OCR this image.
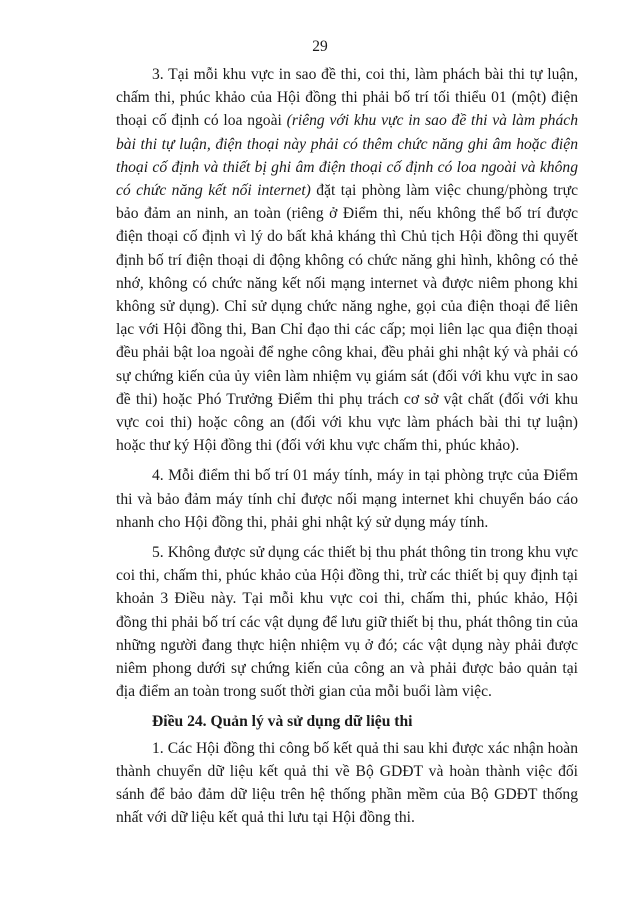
29

3. Tại mỗi khu vực in sao đề thi, coi thi, làm phách bài thi tự luận, chấm thi, phúc khảo của Hội đồng thi phải bố trí tối thiểu 01 (một) điện thoại cố định có loa ngoài (riêng với khu vực in sao đề thi và làm phách bài thi tự luận, điện thoại này phải có thêm chức năng ghi âm hoặc điện thoại cố định và thiết bị ghi âm điện thoại cố định có loa ngoài và không có chức năng kết nối internet) đặt tại phòng làm việc chung/phòng trực bảo đảm an ninh, an toàn (riêng ở Điểm thi, nếu không thể bố trí được điện thoại cố định vì lý do bất khả kháng thì Chủ tịch Hội đồng thi quyết định bố trí điện thoại di động không có chức năng ghi hình, không có thẻ nhớ, không có chức năng kết nối mạng internet và được niêm phong khi không sử dụng). Chỉ sử dụng chức năng nghe, gọi của điện thoại để liên lạc với Hội đồng thi, Ban Chỉ đạo thi các cấp; mọi liên lạc qua điện thoại đều phải bật loa ngoài để nghe công khai, đều phải ghi nhật ký và phải có sự chứng kiến của ủy viên làm nhiệm vụ giám sát (đối với khu vực in sao đề thi) hoặc Phó Trưởng Điểm thi phụ trách cơ sở vật chất (đối với khu vực coi thi) hoặc công an (đối với khu vực làm phách bài thi tự luận) hoặc thư ký Hội đồng thi (đối với khu vực chấm thi, phúc khảo).

4. Mỗi điểm thi bố trí 01 máy tính, máy in tại phòng trực của Điểm thi và bảo đảm máy tính chỉ được nối mạng internet khi chuyển báo cáo nhanh cho Hội đồng thi, phải ghi nhật ký sử dụng máy tính.

5. Không được sử dụng các thiết bị thu phát thông tin trong khu vực coi thi, chấm thi, phúc khảo của Hội đồng thi, trừ các thiết bị quy định tại khoản 3 Điều này. Tại mỗi khu vực coi thi, chấm thi, phúc khảo, Hội đồng thi phải bố trí các vật dụng để lưu giữ thiết bị thu, phát thông tin của những người đang thực hiện nhiệm vụ ở đó; các vật dụng này phải được niêm phong dưới sự chứng kiến của công an và phải được bảo quản tại địa điểm an toàn trong suốt thời gian của mỗi buổi làm việc.

Điều 24. Quản lý và sử dụng dữ liệu thi

1. Các Hội đồng thi công bố kết quả thi sau khi được xác nhận hoàn thành chuyển dữ liệu kết quả thi về Bộ GDĐT và hoàn thành việc đối sánh để bảo đảm dữ liệu trên hệ thống phần mềm của Bộ GDĐT thống nhất với dữ liệu kết quả thi lưu tại Hội đồng thi.
